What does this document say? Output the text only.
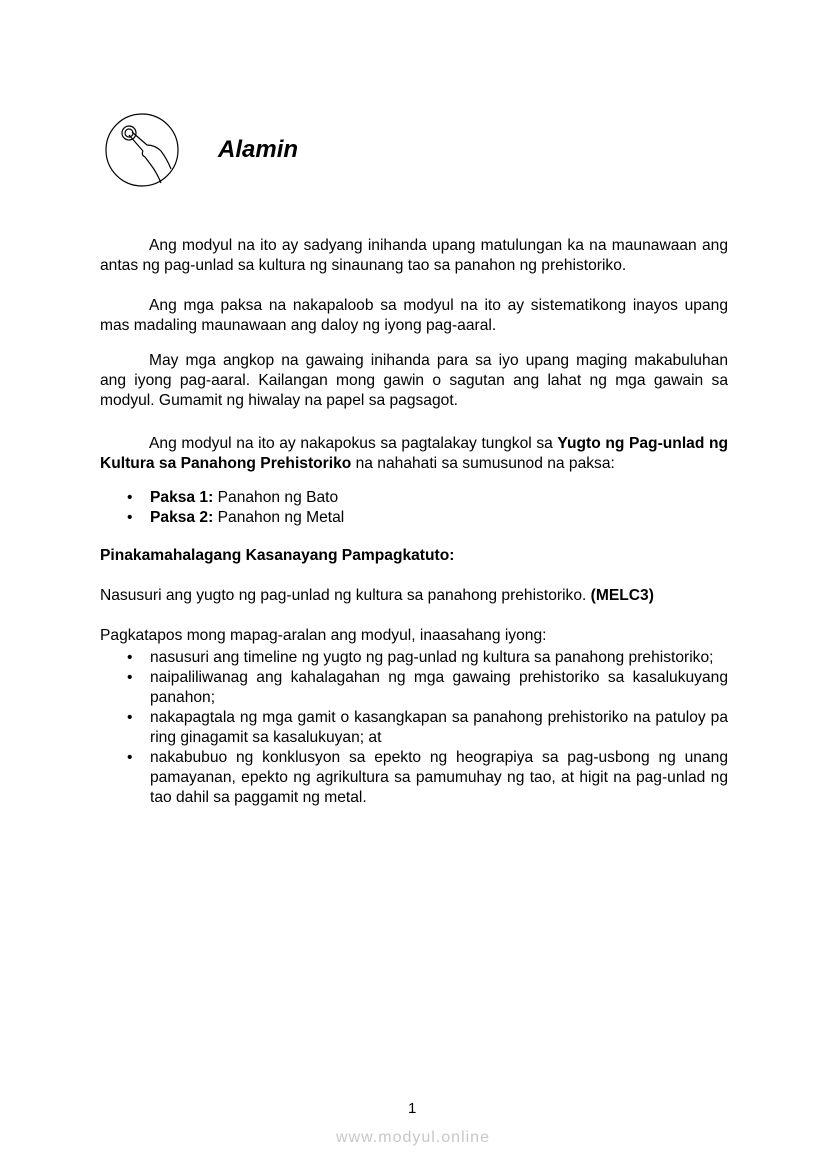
Alamin
Ang modyul na ito ay sadyang inihanda upang matulungan ka na maunawaan ang antas ng pag-unlad sa kultura ng sinaunang tao sa panahon ng prehistoriko.
Ang mga paksa na nakapaloob sa modyul na ito ay sistematikong inayos upang mas madaling maunawaan ang daloy ng iyong pag-aaral.
May mga angkop na gawaing inihanda para sa iyo upang maging makabuluhan ang iyong pag-aaral. Kailangan mong gawin o sagutan ang lahat ng mga gawain sa modyul. Gumamit ng hiwalay na papel sa pagsagot.
Ang modyul na ito ay nakapokus sa pagtalakay tungkol sa Yugto ng Pag-unlad ng Kultura sa Panahong Prehistoriko na nahahati sa sumusunod na paksa:
• Paksa 1: Panahon ng Bato
• Paksa 2: Panahon ng Metal
Pinakamahalagang Kasanayang Pampagkatuto:
Nasusuri ang yugto ng pag-unlad ng kultura sa panahong prehistoriko. (MELC3)
Pagkatapos mong mapag-aralan ang modyul, inaasahang iyong:
• nasusuri ang timeline ng yugto ng pag-unlad ng kultura sa panahong prehistoriko;
• naipaliliwanag ang kahalagahan ng mga gawaing prehistoriko sa kasalukuyang panahon;
• nakapagtala ng mga gamit o kasangkapan sa panahong prehistoriko na patuloy pa ring ginagamit sa kasalukuyan; at
• nakabubuo ng konklusyon sa epekto ng heograpiya sa pag-usbong ng unang pamayanan, epekto ng agrikultura sa pamumuhay ng tao, at higit na pag-unlad ng tao dahil sa paggamit ng metal.
1
www.modyul.online
